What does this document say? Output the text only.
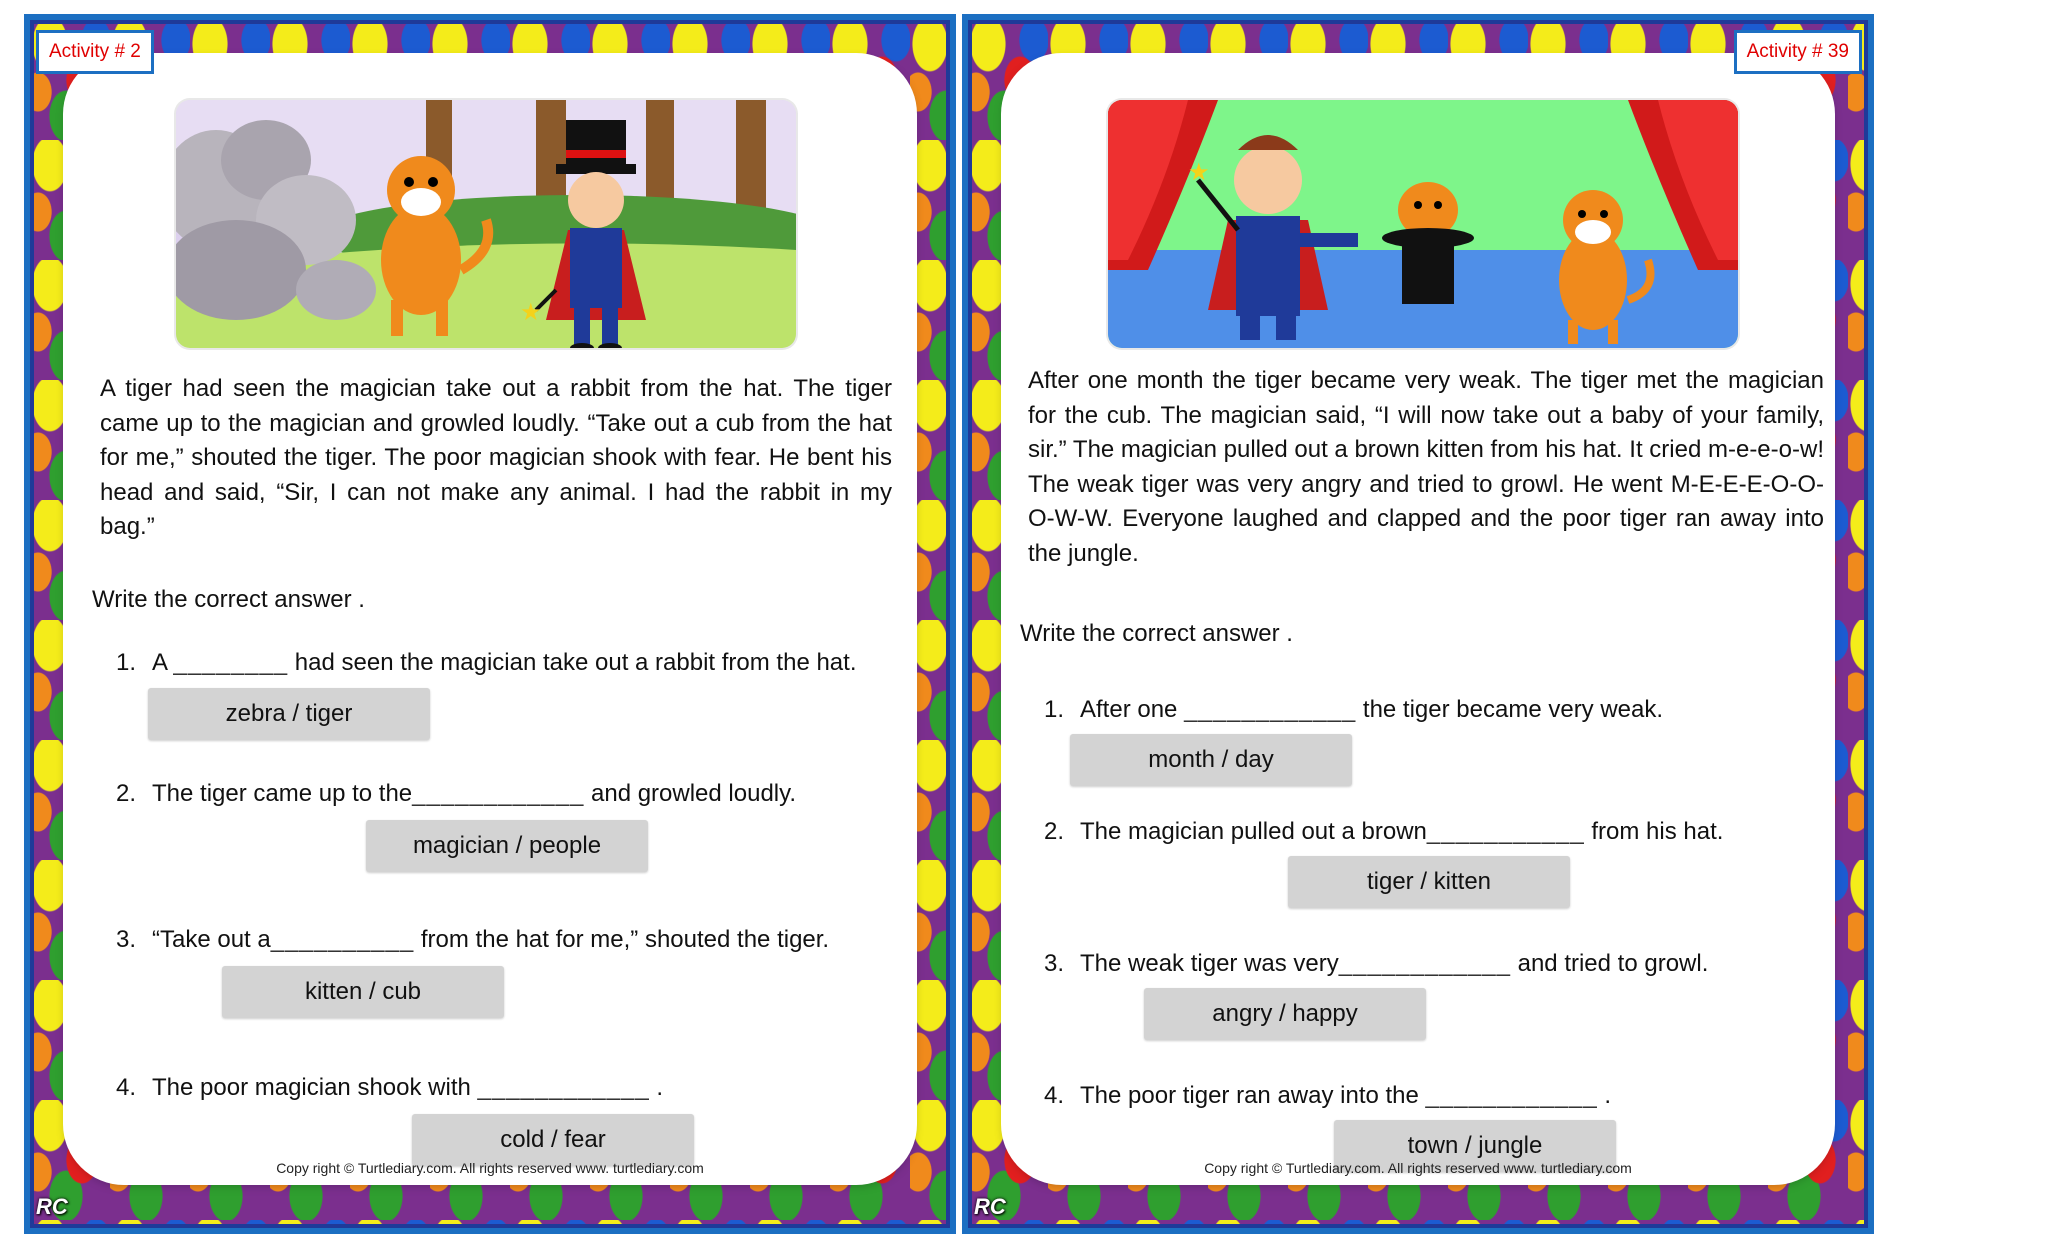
Activity # 2
★
A tiger had seen the magician take out a rabbit from the hat. The tiger came up to the magician and growled loudly. “Take out a cub from the hat for me,” shouted the tiger. The poor magician shook with fear. He bent his head and said, “Sir, I can not make any animal. I had the rabbit in my bag.”
Write the correct answer .
1. A ________ had seen the magician take out a rabbit from the hat.
zebra / tiger
2. The tiger came up to the____________ and growled loudly.
magician / people
3. “Take out a__________ from the hat for me,” shouted the tiger.
kitten / cub
4. The poor magician shook with ____________ .
cold / fear
Copy right © Turtlediary.com. All rights reserved www. turtlediary.com
RC
Activity # 39
★
After one month the tiger became very weak. The tiger met the magician for the cub. The magician said, “I will now take out a baby of your family, sir.” The magician pulled out a brown kitten from his hat. It cried m-e-e-o-w! The weak tiger was very angry and tried to growl. He went M-E-E-E-O-O-O-W-W. Everyone laughed and clapped and the poor tiger ran away into the jungle.
Write the correct answer .
1. After one ____________ the tiger became very weak.
month / day
2. The magician pulled out a brown___________ from his hat.
tiger / kitten
3. The weak tiger was very____________ and tried to growl.
angry / happy
4. The poor tiger ran away into the ____________ .
town / jungle
Copy right © Turtlediary.com. All rights reserved www. turtlediary.com
RC
